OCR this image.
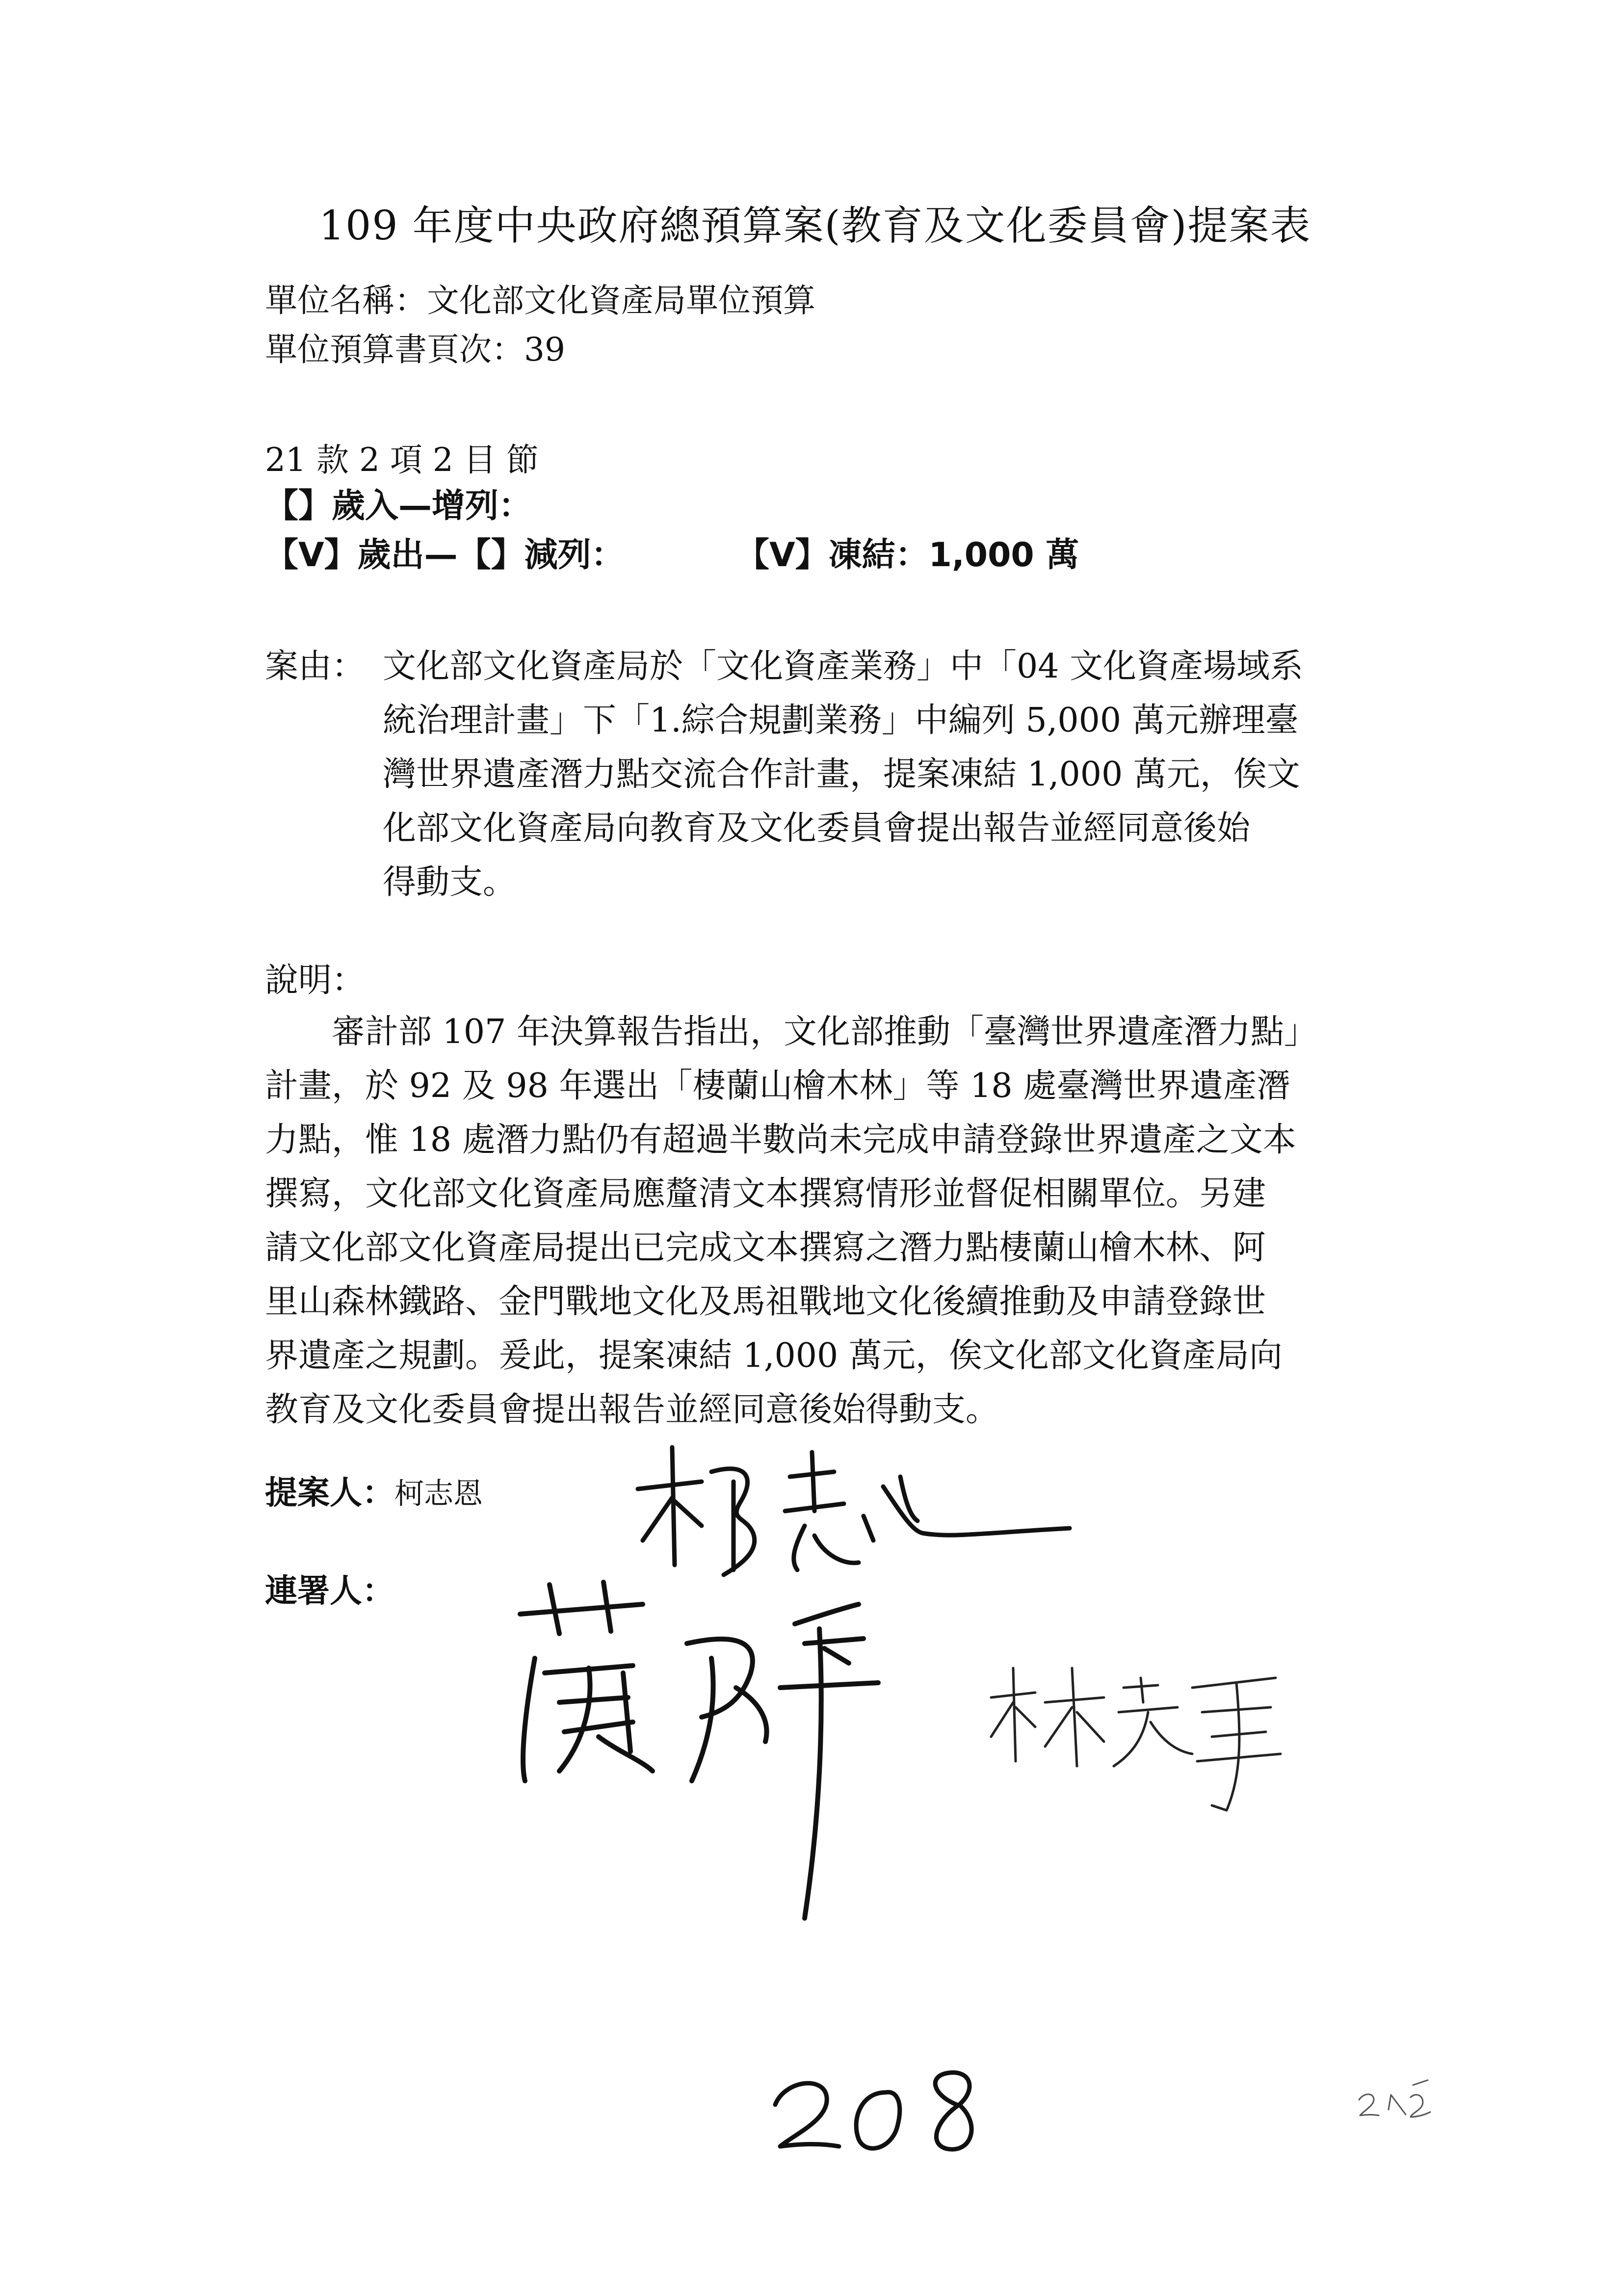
109 年度中央政府總預算案(教育及文化委員會)提案表
單位名稱：文化部文化資產局單位預算
單位預算書頁次：39
21 款 2 項 2 目 節
【】歲入—增列：
【V】歲出—【】減列：	【V】凍結：1,000 萬
案由： 文化部文化資產局於「文化資產業務」中「04 文化資產場域系
統治理計畫」下「1.綜合規劃業務」中編列 5,000 萬元辦理臺
灣世界遺產潛力點交流合作計畫，提案凍結 1,000 萬元，俟文
化部文化資產局向教育及文化委員會提出報告並經同意後始
得動支。
說明：
　　審計部 107 年決算報告指出，文化部推動「臺灣世界遺產潛力點」
計畫，於 92 及 98 年選出「棲蘭山檜木林」等 18 處臺灣世界遺產潛
力點，惟 18 處潛力點仍有超過半數尚未完成申請登錄世界遺產之文本
撰寫，文化部文化資產局應釐清文本撰寫情形並督促相關單位。另建
請文化部文化資產局提出已完成文本撰寫之潛力點棲蘭山檜木林、阿
里山森林鐵路、金門戰地文化及馬祖戰地文化後續推動及申請登錄世
界遺產之規劃。爰此，提案凍結 1,000 萬元，俟文化部文化資產局向
教育及文化委員會提出報告並經同意後始得動支。
提案人：柯志恩
連署人：
208
215
